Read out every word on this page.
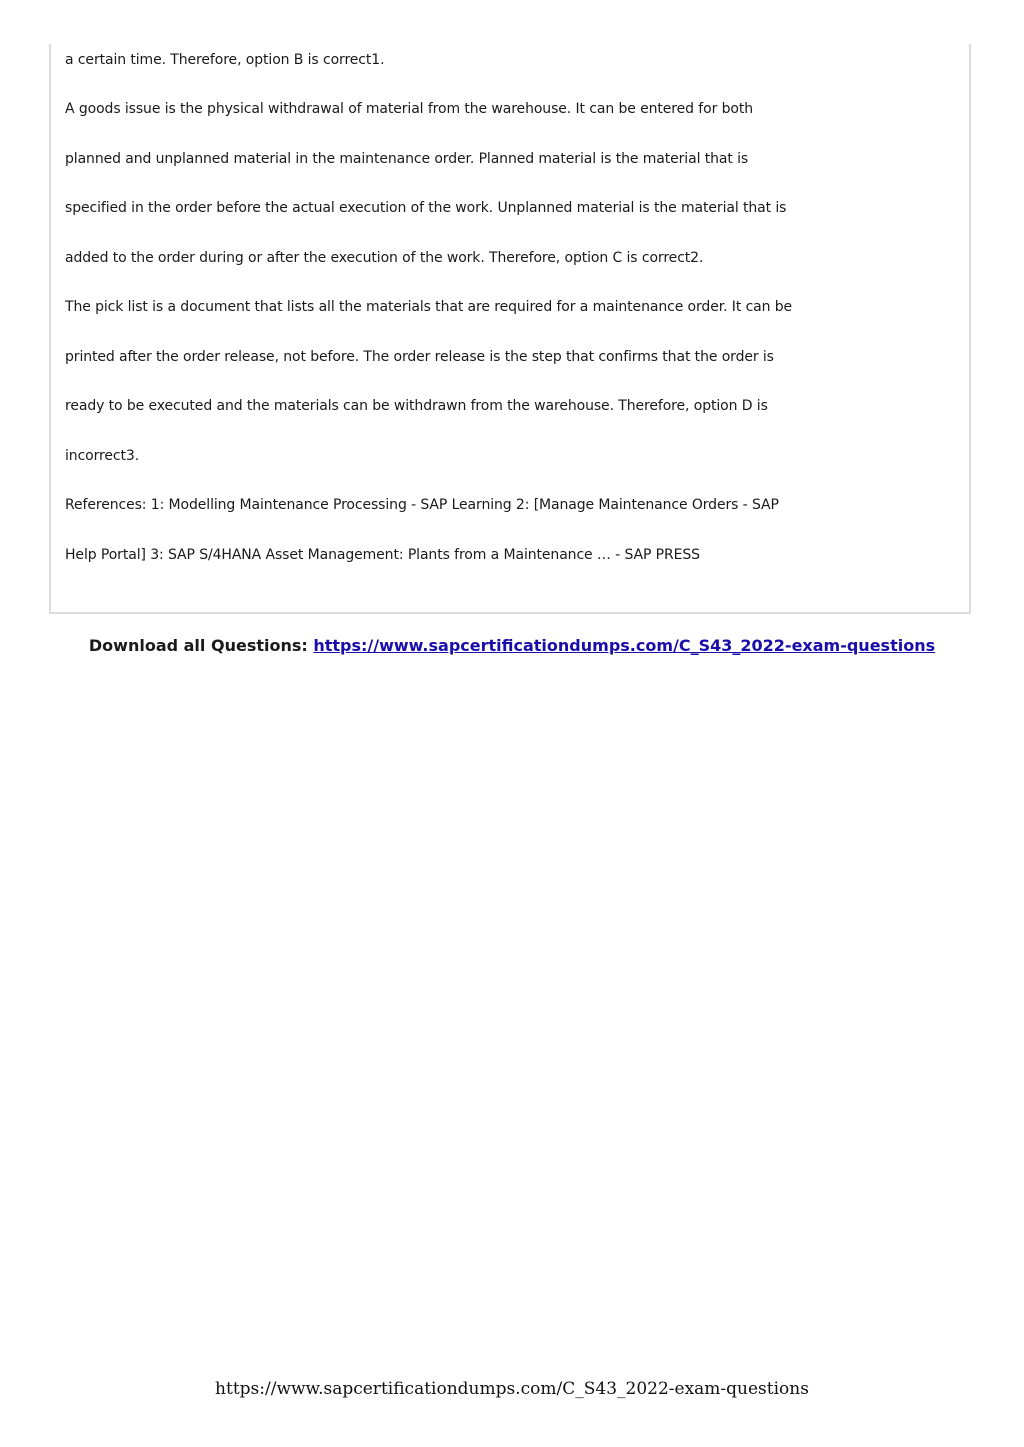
a certain time. Therefore, option B is correct1.
A goods issue is the physical withdrawal of material from the warehouse. It can be entered for both
planned and unplanned material in the maintenance order. Planned material is the material that is
specified in the order before the actual execution of the work. Unplanned material is the material that is
added to the order during or after the execution of the work. Therefore, option C is correct2.
The pick list is a document that lists all the materials that are required for a maintenance order. It can be
printed after the order release, not before. The order release is the step that confirms that the order is
ready to be executed and the materials can be withdrawn from the warehouse. Therefore, option D is
incorrect3.
References: 1: Modelling Maintenance Processing - SAP Learning 2: [Manage Maintenance Orders - SAP
Help Portal] 3: SAP S/4HANA Asset Management: Plants from a Maintenance … - SAP PRESS
Download all Questions: https://www.sapcertificationdumps.com/C_S43_2022-exam-questions
https://www.sapcertificationdumps.com/C_S43_2022-exam-questions
